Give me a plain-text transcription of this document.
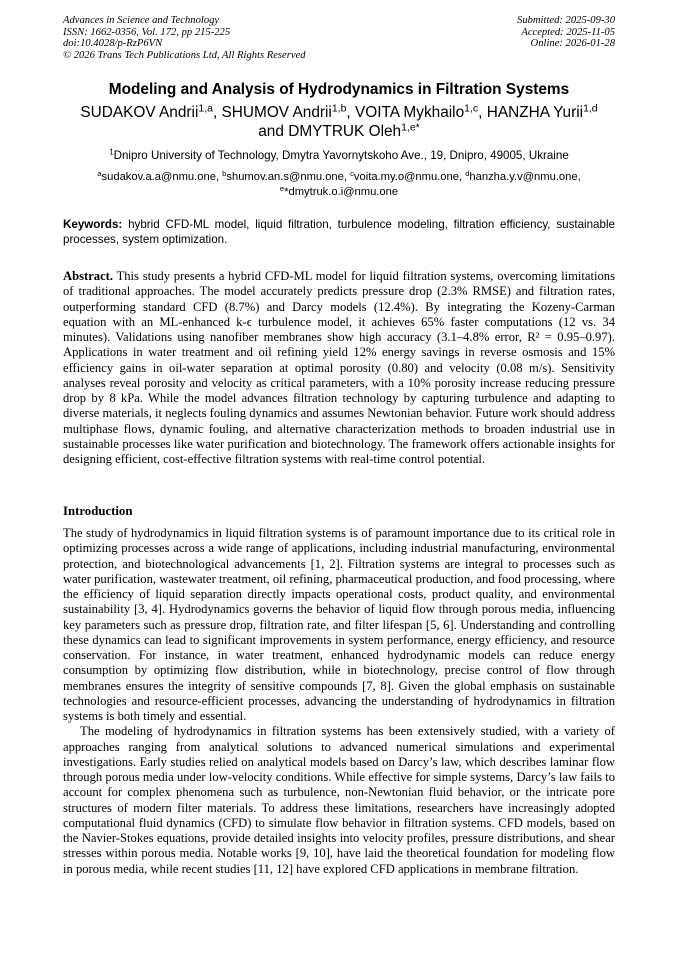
Advances in Science and Technology
ISSN: 1662-0356, Vol. 172, pp 215-225
doi:10.4028/p-RzP6VN
© 2026 Trans Tech Publications Ltd, All Rights Reserved
Submitted: 2025-09-30
Accepted: 2025-11-05
Online: 2026-01-28
Modeling and Analysis of Hydrodynamics in Filtration Systems
SUDAKOV Andrii$^{1,a}$, SHUMOV Andrii$^{1,b}$, VOITA Mykhailo$^{1,c}$, HANZHA Yurii$^{1,d}$
and DMYTRUK Oleh$^{1,e*}$
$^1$Dnipro University of Technology, Dmytra Yavornytskoho Ave., 19, Dnipro, 49005, Ukraine
$^a$sudakov.a.a@nmu.one, $^b$shumov.an.s@nmu.one, $^c$voita.my.o@nmu.one, $^d$hanzha.y.v@nmu.one,
$^e$*dmytruk.o.i@nmu.one
Keywords: hybrid CFD-ML model, liquid filtration, turbulence modeling, filtration efficiency, sustainable processes, system optimization.
Abstract. This study presents a hybrid CFD-ML model for liquid filtration systems, overcoming limitations of traditional approaches. The model accurately predicts pressure drop (2.3% RMSE) and filtration rates, outperforming standard CFD (8.7%) and Darcy models (12.4%). By integrating the Kozeny-Carman equation with an ML-enhanced k-ϵ turbulence model, it achieves 65% faster computations (12 vs. 34 minutes). Validations using nanofiber membranes show high accuracy (3.1–4.8% error, R² = 0.95–0.97). Applications in water treatment and oil refining yield 12% energy savings in reverse osmosis and 15% efficiency gains in oil-water separation at optimal porosity (0.80) and velocity (0.08 m/s). Sensitivity analyses reveal porosity and velocity as critical parameters, with a 10% porosity increase reducing pressure drop by 8 kPa. While the model advances filtration technology by capturing turbulence and adapting to diverse materials, it neglects fouling dynamics and assumes Newtonian behavior. Future work should address multiphase flows, dynamic fouling, and alternative characterization methods to broaden industrial use in sustainable processes like water purification and biotechnology. The framework offers actionable insights for designing efficient, cost-effective filtration systems with real-time control potential.
Introduction

The study of hydrodynamics in liquid filtration systems is of paramount importance due to its critical role in optimizing processes across a wide range of applications, including industrial manufacturing, environmental protection, and biotechnological advancements [1, 2]. Filtration systems are integral to processes such as water purification, wastewater treatment, oil refining, pharmaceutical production, and food processing, where the efficiency of liquid separation directly impacts operational costs, product quality, and environmental sustainability [3, 4]. Hydrodynamics governs the behavior of liquid flow through porous media, influencing key parameters such as pressure drop, filtration rate, and filter lifespan [5, 6]. Understanding and controlling these dynamics can lead to significant improvements in system performance, energy efficiency, and resource conservation. For instance, in water treatment, enhanced hydrodynamic models can reduce energy consumption by optimizing flow distribution, while in biotechnology, precise control of flow through membranes ensures the integrity of sensitive compounds [7, 8]. Given the global emphasis on sustainable technologies and resource-efficient processes, advancing the understanding of hydrodynamics in filtration systems is both timely and essential.

The modeling of hydrodynamics in filtration systems has been extensively studied, with a variety of approaches ranging from analytical solutions to advanced numerical simulations and experimental investigations. Early studies relied on analytical models based on Darcy’s law, which describes laminar flow through porous media under low-velocity conditions. While effective for simple systems, Darcy’s law fails to account for complex phenomena such as turbulence, non-Newtonian fluid behavior, or the intricate pore structures of modern filter materials. To address these limitations, researchers have increasingly adopted computational fluid dynamics (CFD) to simulate flow behavior in filtration systems. CFD models, based on the Navier-Stokes equations, provide detailed insights into velocity profiles, pressure distributions, and shear stresses within porous media. Notable works [9, 10], have laid the theoretical foundation for modeling flow in porous media, while recent studies [11, 12] have explored CFD applications in membrane filtration.
